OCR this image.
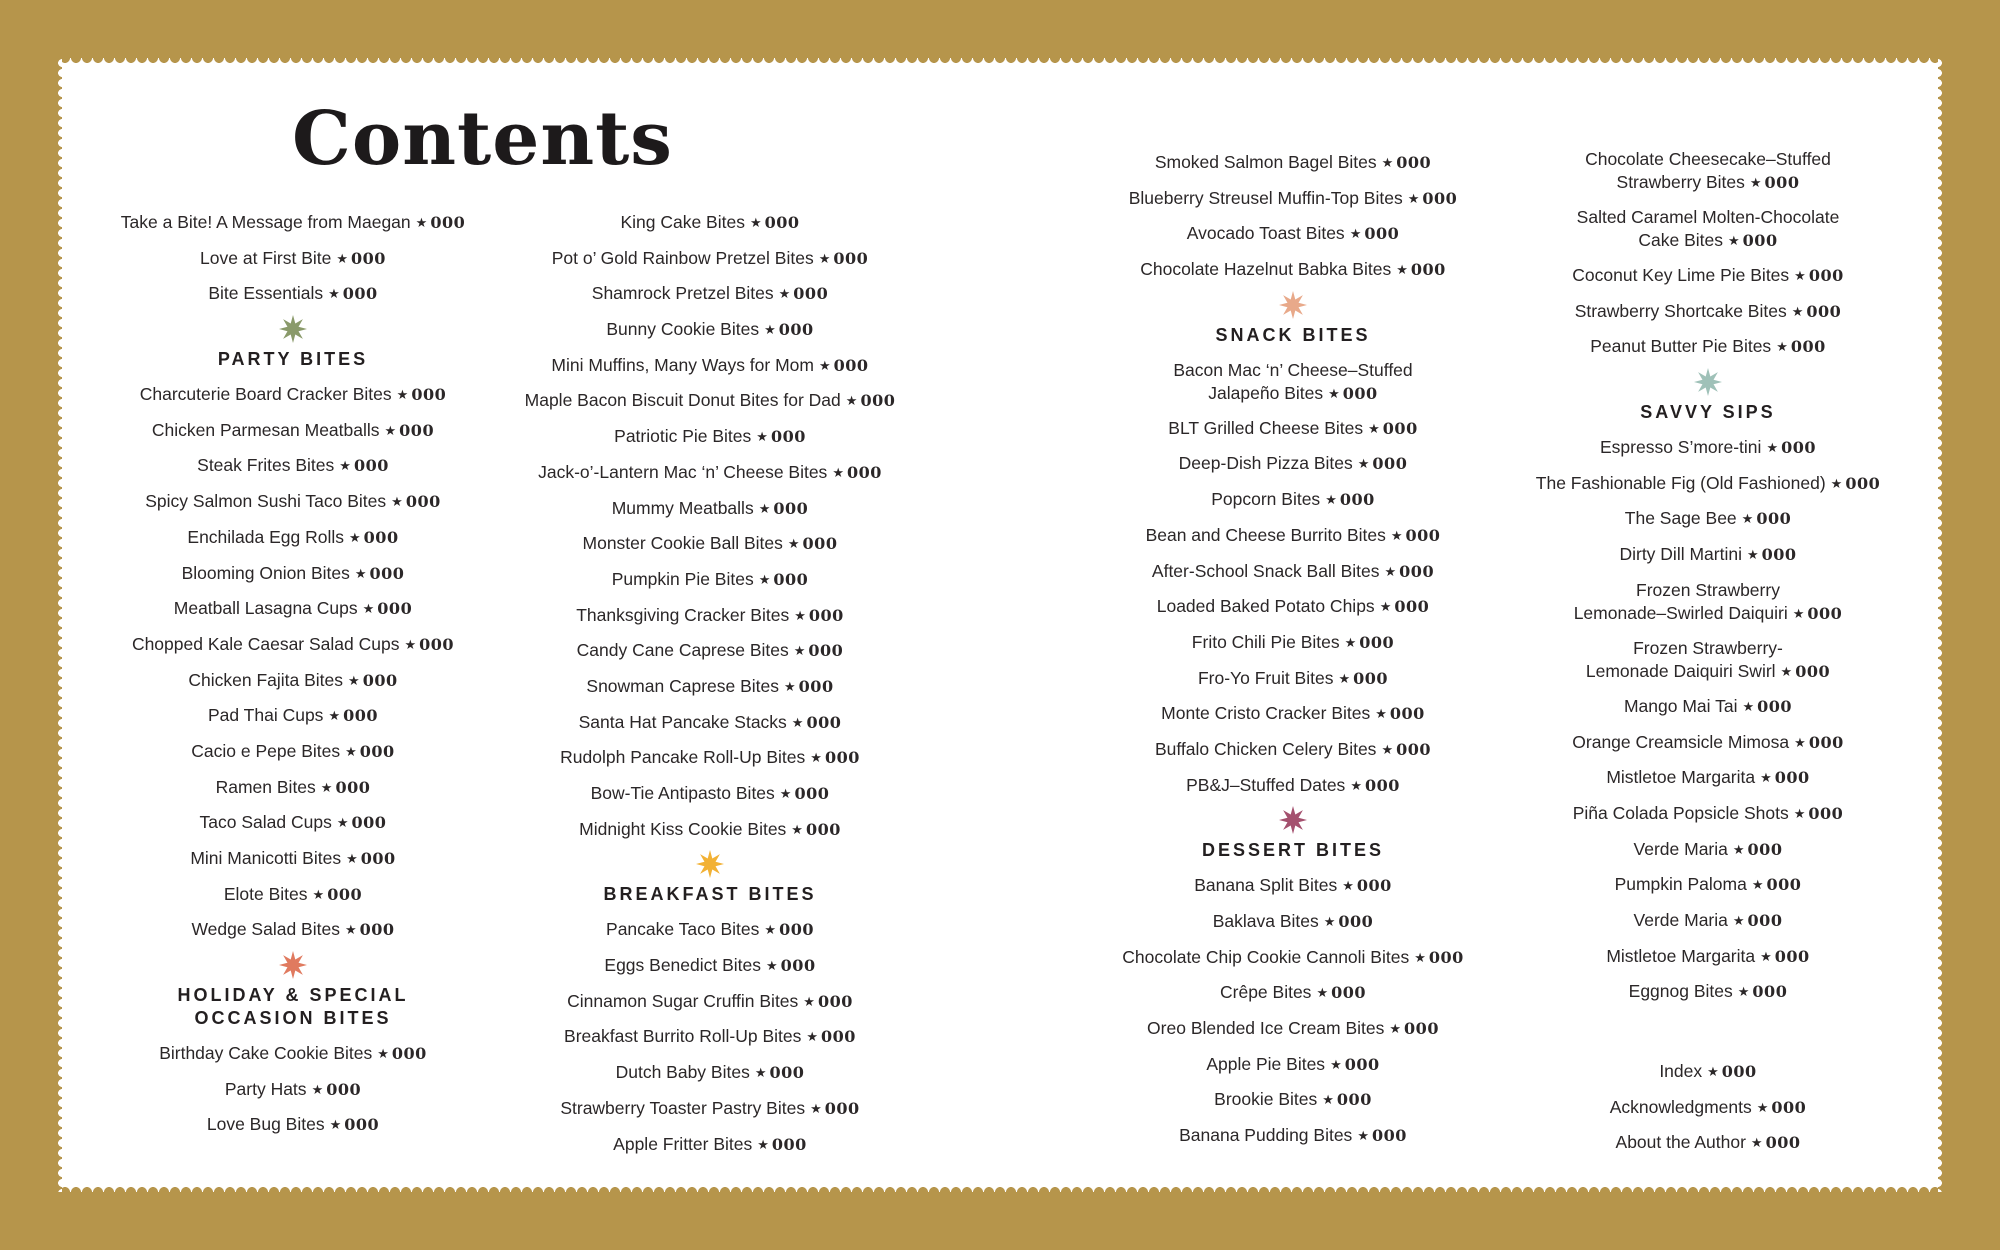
Contents
Take a Bite! A Message from Maegan ★ 000
Love at First Bite ★ 000
Bite Essentials ★ 000
PARTY BITES
Charcuterie Board Cracker Bites ★ 000
Chicken Parmesan Meatballs ★ 000
Steak Frites Bites ★ 000
Spicy Salmon Sushi Taco Bites ★ 000
Enchilada Egg Rolls ★ 000
Blooming Onion Bites ★ 000
Meatball Lasagna Cups ★ 000
Chopped Kale Caesar Salad Cups ★ 000
Chicken Fajita Bites ★ 000
Pad Thai Cups ★ 000
Cacio e Pepe Bites ★ 000
Ramen Bites ★ 000
Taco Salad Cups ★ 000
Mini Manicotti Bites ★ 000
Elote Bites ★ 000
Wedge Salad Bites ★ 000
HOLIDAY & SPECIAL
OCCASION BITES
Birthday Cake Cookie Bites ★ 000
Party Hats ★ 000
Love Bug Bites ★ 000
King Cake Bites ★ 000
Pot o’ Gold Rainbow Pretzel Bites ★ 000
Shamrock Pretzel Bites ★ 000
Bunny Cookie Bites ★ 000
Mini Muffins, Many Ways for Mom ★ 000
Maple Bacon Biscuit Donut Bites for Dad ★ 000
Patriotic Pie Bites ★ 000
Jack-o’-Lantern Mac ‘n’ Cheese Bites ★ 000
Mummy Meatballs ★ 000
Monster Cookie Ball Bites ★ 000
Pumpkin Pie Bites ★ 000
Thanksgiving Cracker Bites ★ 000
Candy Cane Caprese Bites ★ 000
Snowman Caprese Bites ★ 000
Santa Hat Pancake Stacks ★ 000
Rudolph Pancake Roll-Up Bites ★ 000
Bow-Tie Antipasto Bites ★ 000
Midnight Kiss Cookie Bites ★ 000
BREAKFAST BITES
Pancake Taco Bites ★ 000
Eggs Benedict Bites ★ 000
Cinnamon Sugar Cruffin Bites ★ 000
Breakfast Burrito Roll-Up Bites ★ 000
Dutch Baby Bites ★ 000
Strawberry Toaster Pastry Bites ★ 000
Apple Fritter Bites ★ 000
Smoked Salmon Bagel Bites ★ 000
Blueberry Streusel Muffin-Top Bites ★ 000
Avocado Toast Bites ★ 000
Chocolate Hazelnut Babka Bites ★ 000
SNACK BITES
Bacon Mac ‘n’ Cheese–Stuffed
Jalapeño Bites ★ 000
BLT Grilled Cheese Bites ★ 000
Deep-Dish Pizza Bites ★ 000
Popcorn Bites ★ 000
Bean and Cheese Burrito Bites ★ 000
After-School Snack Ball Bites ★ 000
Loaded Baked Potato Chips ★ 000
Frito Chili Pie Bites ★ 000
Fro-Yo Fruit Bites ★ 000
Monte Cristo Cracker Bites ★ 000
Buffalo Chicken Celery Bites ★ 000
PB&J–Stuffed Dates ★ 000
DESSERT BITES
Banana Split Bites ★ 000
Baklava Bites ★ 000
Chocolate Chip Cookie Cannoli Bites ★ 000
Crêpe Bites ★ 000
Oreo Blended Ice Cream Bites ★ 000
Apple Pie Bites ★ 000
Brookie Bites ★ 000
Banana Pudding Bites ★ 000
Chocolate Cheesecake–Stuffed
Strawberry Bites ★ 000
Salted Caramel Molten-Chocolate
Cake Bites ★ 000
Coconut Key Lime Pie Bites ★ 000
Strawberry Shortcake Bites ★ 000
Peanut Butter Pie Bites ★ 000
SAVVY SIPS
Espresso S’more-tini ★ 000
The Fashionable Fig (Old Fashioned) ★ 000
The Sage Bee ★ 000
Dirty Dill Martini ★ 000
Frozen Strawberry
Lemonade–Swirled Daiquiri ★ 000
Frozen Strawberry-
Lemonade Daiquiri Swirl ★ 000
Mango Mai Tai ★ 000
Orange Creamsicle Mimosa ★ 000
Mistletoe Margarita ★ 000
Piña Colada Popsicle Shots ★ 000
Verde Maria ★ 000
Pumpkin Paloma ★ 000
Verde Maria ★ 000
Mistletoe Margarita ★ 000
Eggnog Bites ★ 000
Index ★ 000
Acknowledgments ★ 000
About the Author ★ 000
